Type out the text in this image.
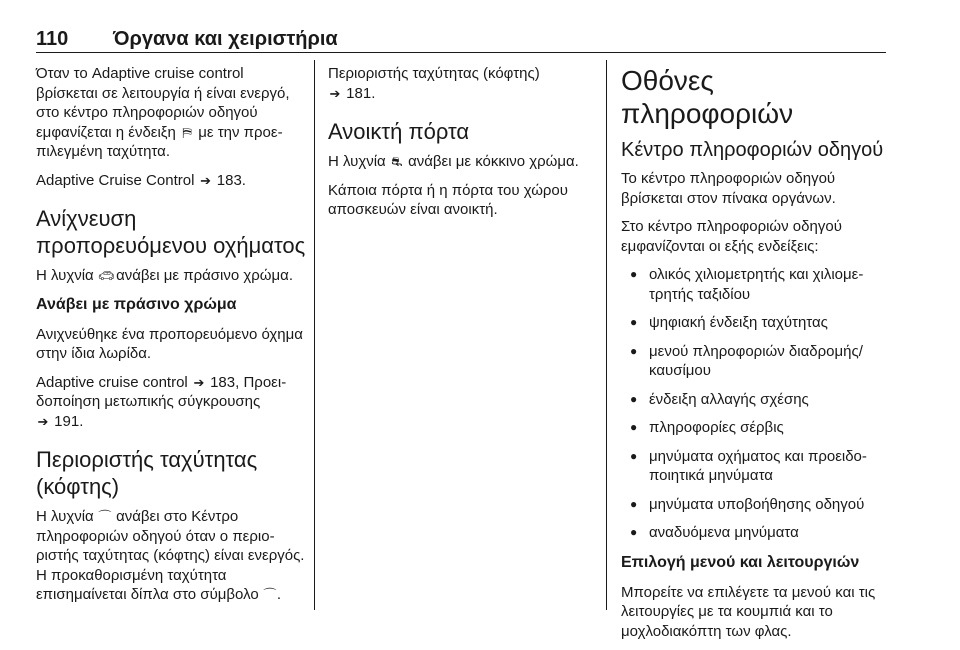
110 Όργανα και χειριστήρια

Όταν το Adaptive cruise control βρίσκεται σε λειτουργία ή είναι ενεργό, στο κέντρο πληροφοριών οδηγού εμφανίζεται η ένδειξη ⛿ με την προεπιλεγμένη ταχύτητα.

Adaptive Cruise Control ➔ 183.

Ανίχνευση προπορευόμενου οχήματος

Η λυχνία 🚗︎ ανάβει με πράσινο χρώμα.

Ανάβει με πράσινο χρώμα

Ανιχνεύθηκε ένα προπορευόμενο όχημα στην ίδια λωρίδα.

Adaptive cruise control ➔ 183, Προειδοποίηση μετωπικής σύγκρουσης
➔ 191.

Περιοριστής ταχύτητας (κόφτης)

Η λυχνία ⌒ ανάβει στο Κέντρο πληροφοριών οδηγού όταν ο περιοριστής ταχύτητας (κόφτης) είναι ενεργός. Η προκαθορισμένη ταχύτητα επισημαίνεται δίπλα στο σύμβολο ⌒.

Περιοριστής ταχύτητας (κόφτης)
➔ 181.

Ανοικτή πόρτα

Η λυχνία ⛐ ανάβει με κόκκινο χρώμα.

Κάποια πόρτα ή η πόρτα του χώρου αποσκευών είναι ανοικτή.

Οθόνες πληροφοριών
Κέντρο πληροφοριών οδηγού

Το κέντρο πληροφοριών οδηγού βρίσκεται στον πίνακα οργάνων.

Στο κέντρο πληροφοριών οδηγού εμφανίζονται οι εξής ενδείξεις:

● ολικός χιλιομετρητής και χιλιομετρητής ταξιδίου
● ψηφιακή ένδειξη ταχύτητας
● μενού πληροφοριών διαδρομής/ καυσίμου
● ένδειξη αλλαγής σχέσης
● πληροφορίες σέρβις
● μηνύματα οχήματος και προειδοποιητικά μηνύματα
● μηνύματα υποβοήθησης οδηγού
● αναδυόμενα μηνύματα
Επιλογή μενού και λειτουργιών

Μπορείτε να επιλέγετε τα μενού και τις λειτουργίες με τα κουμπιά και το μοχλοδιακόπτη των φλας.
